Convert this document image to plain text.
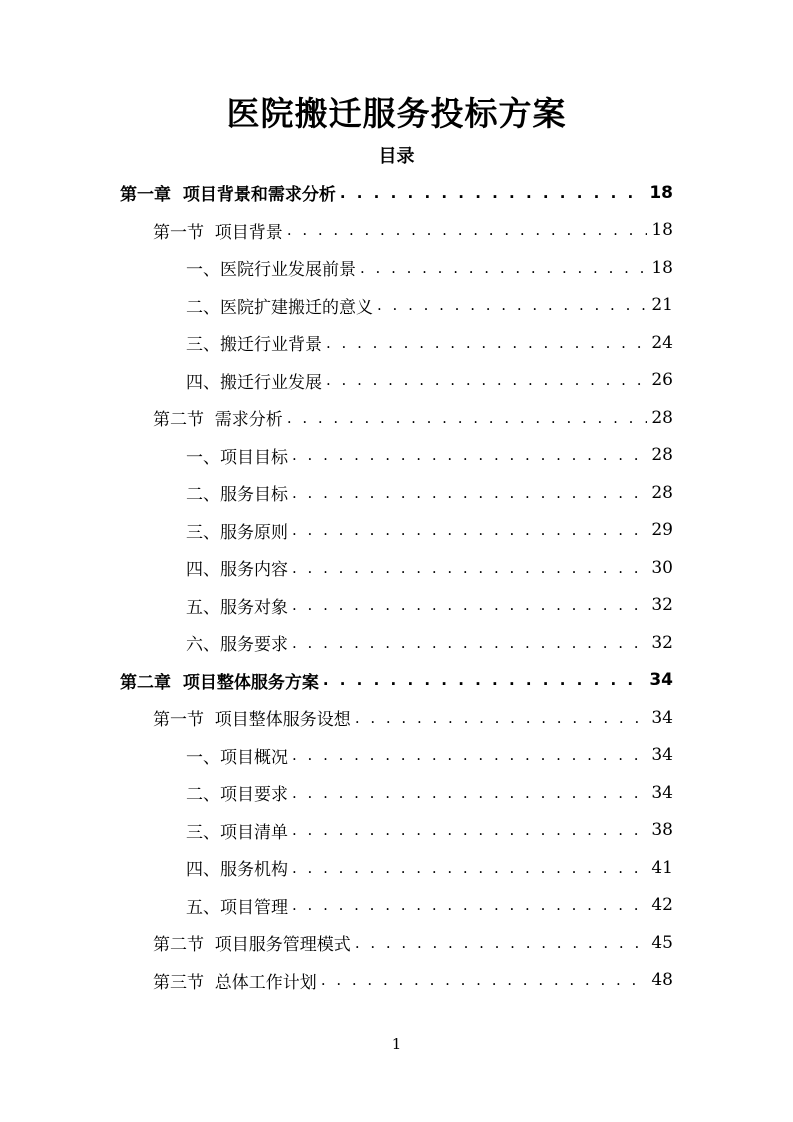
医院搬迁服务投标方案
目录
第一章  项目背景和需求分析 . . .	18
第一节  项目背景 . . .	18
一、医院行业发展前景 . . .	18
二、医院扩建搬迁的意义 . . .	21
三、搬迁行业背景 . . .	24
四、搬迁行业发展 . . .	26
第二节  需求分析 . . .	28
一、项目目标 . . .	28
二、服务目标 . . .	28
三、服务原则 . . .	29
四、服务内容 . . .	30
五、服务对象 . . .	32
六、服务要求 . . .	32
第二章  项目整体服务方案 . . .	34
第一节  项目整体服务设想 . . .	34
一、项目概况 . . .	34
二、项目要求 . . .	34
三、项目清单 . . .	38
四、服务机构 . . .	41
五、项目管理 . . .	42
第二节  项目服务管理模式 . . .	45
第三节  总体工作计划 . . .	48
1
